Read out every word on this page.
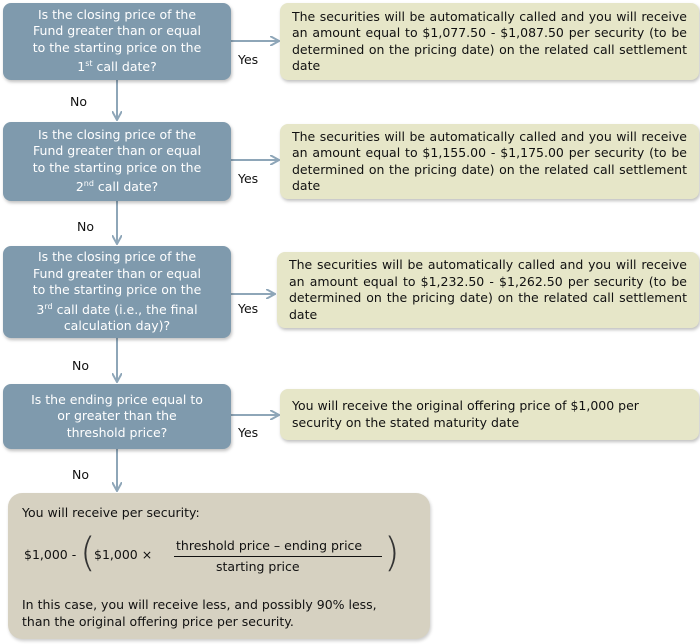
Is the closing price of the
Fund greater than or equal
to the starting price on the
1st call date?

The securities will be automatically called and you will receive an amount equal to $1,077.50 - $1,087.50 per security (to be determined on the pricing date) on the related call settlement date

Yes
No

Is the closing price of the
Fund greater than or equal
to the starting price on the
2nd call date?

The securities will be automatically called and you will receive an amount equal to $1,155.00 - $1,175.00 per security (to be determined on the pricing date) on the related call settlement date

Yes
No

Is the closing price of the
Fund greater than or equal
to the starting price on the
3rd call date (i.e., the final
calculation day)?

The securities will be automatically called and you will receive an amount equal to $1,232.50 - $1,262.50 per security (to be determined on the pricing date) on the related call settlement date

Yes
No

Is the ending price equal to
or greater than the
threshold price?

You will receive the original offering price of $1,000 per security on the stated maturity date

Yes
No
You will receive per security:
$1,000 - (
$1,000 ×
threshold price – ending price
starting price )
In this case, you will receive less, and possibly 90% less, than the original offering price per security.
